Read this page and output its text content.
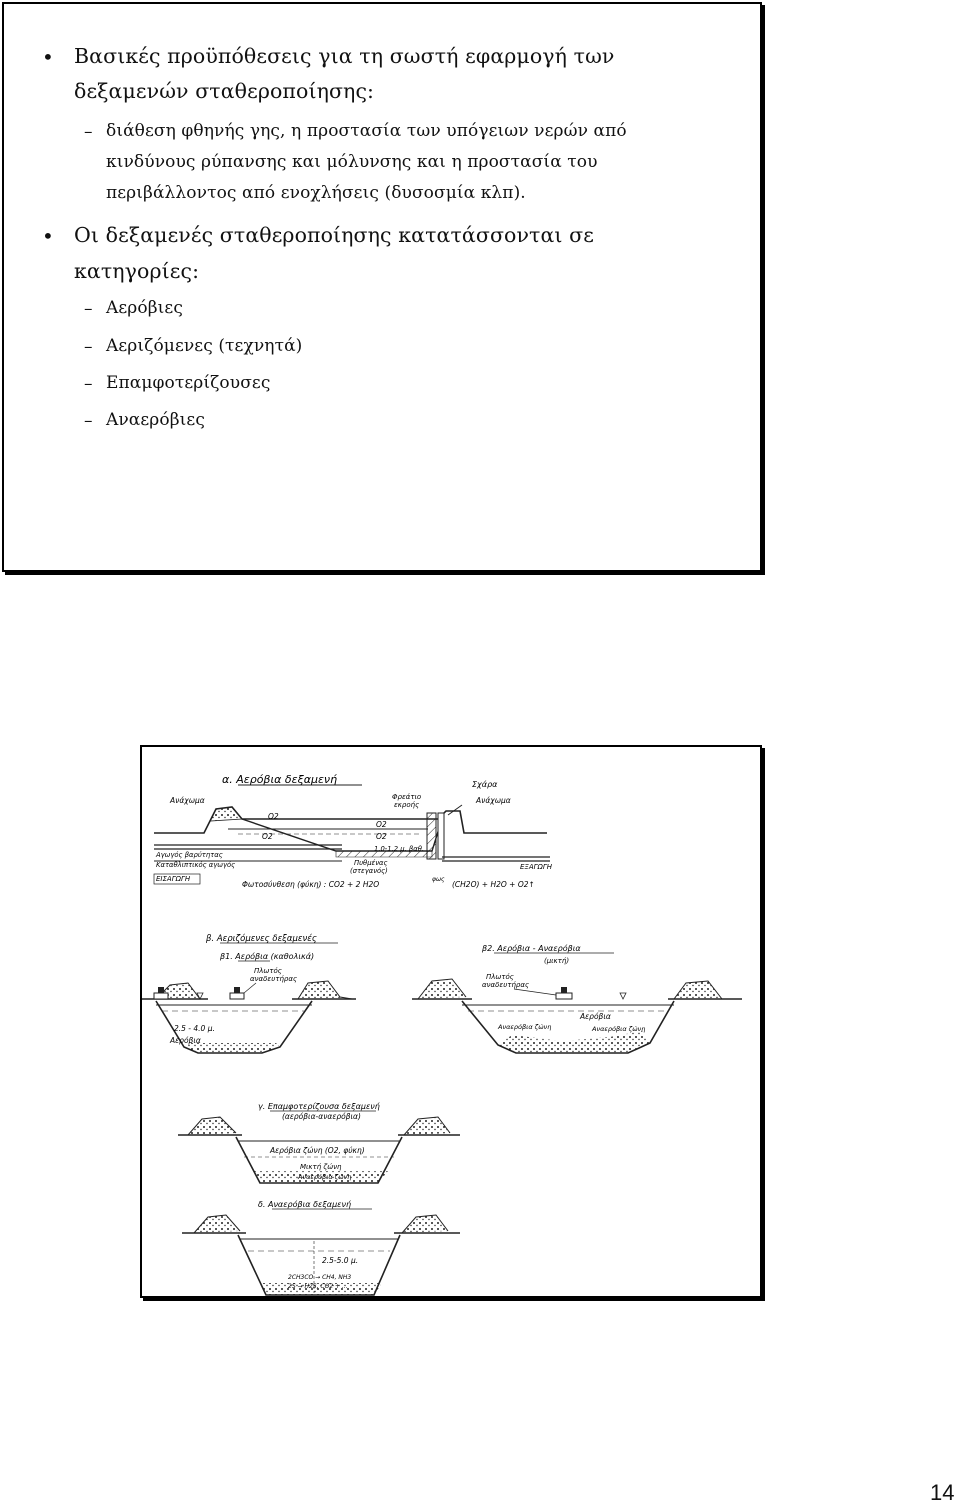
• Βασικές προϋπόθεσεις για τη σωστή εφαρμογή των
δεξαμενών σταθεροποίησης:
– διάθεση φθηνής γης, η προστασία των υπόγειων νερών από
κινδύνους ρύπανσης και μόλυνσης και η προστασία του
περιβάλλοντος από ενοχλήσεις (δυσοσμία κλπ).
• Οι δεξαμενές σταθεροποίησης κατατάσσονται σε
κατηγορίες:
– Αερόβιες
– Αεριζόμενες (τεχνητά)
– Επαμφοτερίζουσες
– Αναερόβιες
α. Αερόβια δεξαμενή
Ανάχωμα
O2
O2
O2
O2
Φρεάτιο
εκροής
Σχάρα
Ανάχωμα
Αγωγός βαρύτητας
1.0-1.2 μ. βαθ.
Καταθλιπτικός αγωγός	Πυθμένας
(στεγανός)	ΕΞΑΓΩΓΗ
ΕΙΣΑΓΩΓΗ
Φωτοσύνθεση (φύκη) : CO2 + 2 H2O
φως
(CH2O) + H2O + O2↑
β. Αεριζόμενες δεξαμενές
β1. Αερόβια (καθολικά)
Πλωτός
αναδευτήρας
2.5 - 4.0 μ.
Αερόβια
β2. Αερόβια - Αναερόβια
(μικτή)
Πλωτός
αναδευτήρας
Αερόβια
Αναερόβια ζώνη	Αναερόβια ζώνη
γ. Επαμφοτερίζουσα δεξαμενή
(αερόβια-αναερόβια)
Αερόβια ζώνη (O2, φύκη)
Μικτή ζώνη
Αναερόβια ζώνη
δ. Αναερόβια δεξαμενή
2.5-5.0 μ.
2CH3CO → CH4, NH3
2S → H2S, CO2 + ...
14
